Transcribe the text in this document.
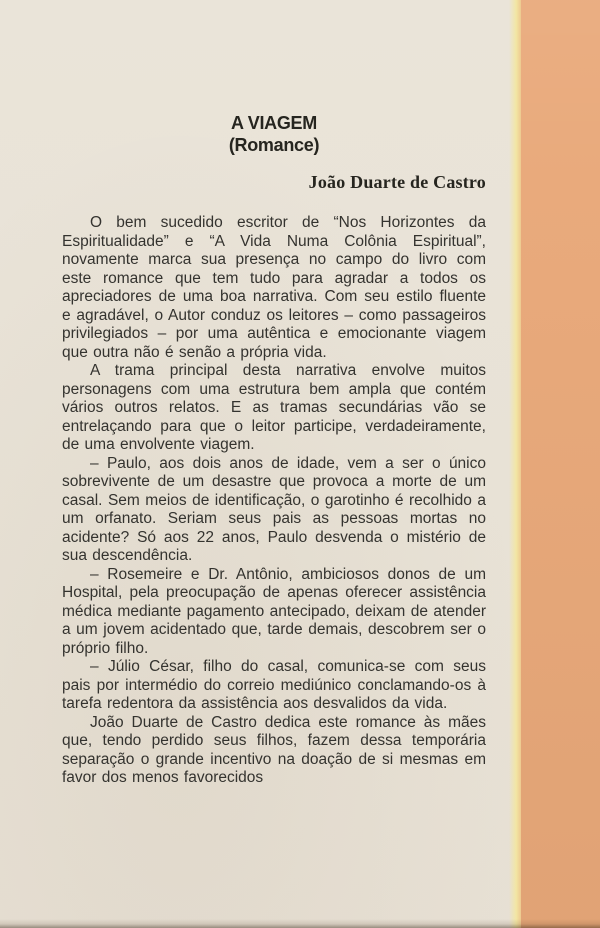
A VIAGEM
(Romance)
João Duarte de Castro

O bem sucedido escritor de “Nos Horizontes da Espiritualidade” e “A Vida Numa Colônia Espiritual”, novamente marca sua presença no campo do livro com este romance que tem tudo para agradar a todos os apreciadores de uma boa narrativa. Com seu estilo fluente e agradável, o Autor conduz os leitores – como passageiros privilegiados – por uma autêntica e emocionante viagem que outra não é senão a própria vida.

A trama principal desta narrativa envolve muitos personagens com uma estrutura bem ampla que contém vários outros relatos. E as tramas secundárias vão se entrelaçando para que o leitor participe, verdadeiramente, de uma envolvente viagem.

– Paulo, aos dois anos de idade, vem a ser o único sobrevivente de um desastre que provoca a morte de um casal. Sem meios de identificação, o garotinho é recolhido a um orfanato. Seriam seus pais as pessoas mortas no acidente? Só aos 22 anos, Paulo desvenda o mistério de sua descendência.

– Rosemeire e Dr. Antônio, ambiciosos donos de um Hospital, pela preocupação de apenas oferecer assistência médica mediante pagamento antecipado, deixam de atender a um jovem acidentado que, tarde demais, descobrem ser o próprio filho.

– Júlio César, filho do casal, comunica-se com seus pais por intermédio do correio mediúnico conclamando-os à tarefa redentora da assistência aos desvalidos da vida.

João Duarte de Castro dedica este romance às mães que, tendo perdido seus filhos, fazem dessa temporária separação o grande incentivo na doação de si mesmas em favor dos menos favorecidos
